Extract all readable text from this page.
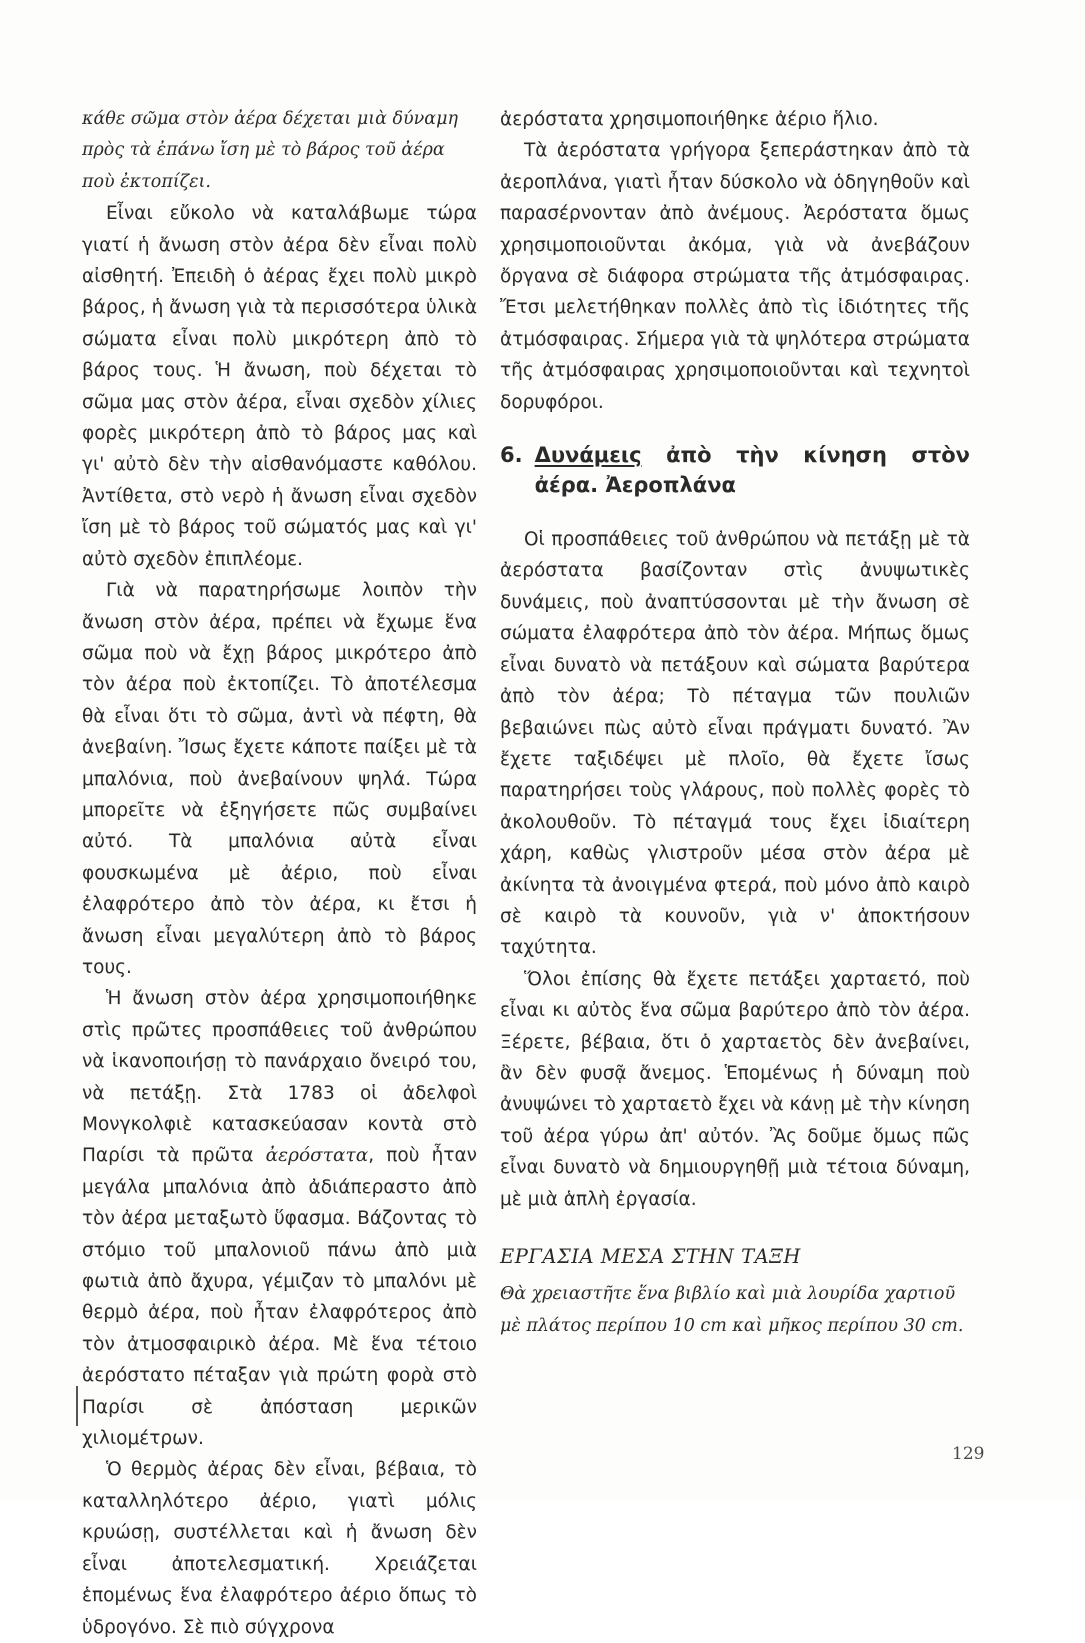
κάθε σῶμα στὸν ἀέρα δέχεται μιὰ δύναμη πρὸς τὰ ἐπάνω ἴση μὲ τὸ βάρος τοῦ ἀέρα ποὺ ἐκτοπίζει.

Εἶναι εὔκολο νὰ καταλάβωμε τώρα γιατί ἡ ἄνωση στὸν ἀέρα δὲν εἶναι πολὺ αἰσθητή. Ἐπειδὴ ὁ ἀέρας ἔχει πολὺ μικρὸ βάρος, ἡ ἄνωση γιὰ τὰ περισσότερα ὑλικὰ σώματα εἶναι πολὺ μικρότερη ἀπὸ τὸ βάρος τους. Ἡ ἄνωση, ποὺ δέχεται τὸ σῶμα μας στὸν ἀέρα, εἶναι σχεδὸν χίλιες φορὲς μικρότερη ἀπὸ τὸ βάρος μας καὶ γι' αὐτὸ δὲν τὴν αἰσθανόμαστε καθόλου. Ἀντίθετα, στὸ νερὸ ἡ ἄνωση εἶναι σχεδὸν ἴση μὲ τὸ βάρος τοῦ σώματός μας καὶ γι' αὐτὸ σχεδὸν ἐπιπλέομε.

Γιὰ νὰ παρατηρήσωμε λοιπὸν τὴν ἄνωση στὸν ἀέρα, πρέπει νὰ ἔχωμε ἕνα σῶμα ποὺ νὰ ἔχῃ βάρος μικρότερο ἀπὸ τὸν ἀέρα ποὺ ἐκτοπίζει. Τὸ ἀποτέλεσμα θὰ εἶναι ὅτι τὸ σῶμα, ἀντὶ νὰ πέφτη, θὰ ἀνεβαίνη. Ἴσως ἔχετε κάποτε παίξει μὲ τὰ μπαλόνια, ποὺ ἀνεβαίνουν ψηλά. Τώρα μπορεῖτε νὰ ἐξηγήσετε πῶς συμβαίνει αὐτό. Τὰ μπαλόνια αὐτὰ εἶναι φουσκωμένα μὲ ἀέριο, ποὺ εἶναι ἐλαφρότερο ἀπὸ τὸν ἀέρα, κι ἔτσι ἡ ἄνωση εἶναι μεγαλύτερη ἀπὸ τὸ βάρος τους.

Ἡ ἄνωση στὸν ἀέρα χρησιμοποιήθηκε στὶς πρῶτες προσπάθειες τοῦ ἀνθρώπου νὰ ἱκανοποιήσῃ τὸ πανάρχαιο ὄνειρό του, νὰ πετάξῃ. Στὰ 1783 οἱ ἀδελφοὶ Μονγκολφιὲ κατασκεύασαν κοντὰ στὸ Παρίσι τὰ πρῶτα ἀερόστατα, ποὺ ἦταν μεγάλα μπαλόνια ἀπὸ ἀδιάπεραστο ἀπὸ τὸν ἀέρα μεταξωτὸ ὕφασμα. Βάζοντας τὸ στόμιο τοῦ μπαλονιοῦ πάνω ἀπὸ μιὰ φωτιὰ ἀπὸ ἄχυρα, γέμιζαν τὸ μπαλόνι μὲ θερμὸ ἀέρα, ποὺ ἦταν ἐλαφρότερος ἀπὸ τὸν ἀτμοσφαιρικὸ ἀέρα. Μὲ ἕνα τέτοιο ἀερόστατο πέταξαν γιὰ πρώτη φορὰ στὸ Παρίσι σὲ ἀπόσταση μερικῶν χιλιομέτρων.

Ὁ θερμὸς ἀέρας δὲν εἶναι, βέβαια, τὸ καταλληλότερο ἀέριο, γιατὶ μόλις κρυώσῃ, συστέλλεται καὶ ἡ ἄνωση δὲν εἶναι ἀποτελεσματική. Χρειάζεται ἑπομένως ἕνα ἐλαφρότερο ἀέριο ὅπως τὸ ὑδρογόνο. Σὲ πιὸ σύγχρονα

ἀερόστατα χρησιμοποιήθηκε ἀέριο ἥλιο.

Τὰ ἀερόστατα γρήγορα ξεπεράστηκαν ἀπὸ τὰ ἀεροπλάνα, γιατὶ ἦταν δύσκολο νὰ ὁδηγηθοῦν καὶ παρασέρνονταν ἀπὸ ἀνέμους. Ἀερόστατα ὅμως χρησιμοποιοῦνται ἀκόμα, γιὰ νὰ ἀνεβάζουν ὄργανα σὲ διάφορα στρώματα τῆς ἀτμόσφαιρας. Ἔτσι μελετήθηκαν πολλὲς ἀπὸ τὶς ἰδιότητες τῆς ἀτμόσφαιρας. Σήμερα γιὰ τὰ ψηλότερα στρώματα τῆς ἀτμόσφαιρας χρησιμοποιοῦνται καὶ τεχνητοὶ δορυφόροι.

6. Δυνάμεις ἀπὸ τὴν κίνηση στὸν ἀέρα. Ἀεροπλάνα

Οἱ προσπάθειες τοῦ ἀνθρώπου νὰ πετάξῃ μὲ τὰ ἀερόστατα βασίζονταν στὶς ἀνυψωτικὲς δυνάμεις, ποὺ ἀναπτύσσονται μὲ τὴν ἄνωση σὲ σώματα ἐλαφρότερα ἀπὸ τὸν ἀέρα. Μήπως ὅμως εἶναι δυνατὸ νὰ πετάξουν καὶ σώματα βαρύτερα ἀπὸ τὸν ἀέρα; Τὸ πέταγμα τῶν πουλιῶν βεβαιώνει πὼς αὐτὸ εἶναι πράγματι δυνατό. Ἂν ἔχετε ταξιδέψει μὲ πλοῖο, θὰ ἔχετε ἴσως παρατηρήσει τοὺς γλάρους, ποὺ πολλὲς φορὲς τὸ ἀκολουθοῦν. Τὸ πέταγμά τους ἔχει ἰδιαίτερη χάρη, καθὼς γλιστροῦν μέσα στὸν ἀέρα μὲ ἀκίνητα τὰ ἀνοιγμένα φτερά, ποὺ μόνο ἀπὸ καιρὸ σὲ καιρὸ τὰ κουνοῦν, γιὰ ν' ἀποκτήσουν ταχύτητα.

Ὅλοι ἐπίσης θὰ ἔχετε πετάξει χαρταετό, ποὺ εἶναι κι αὐτὸς ἕνα σῶμα βαρύτερο ἀπὸ τὸν ἀέρα. Ξέρετε, βέβαια, ὅτι ὁ χαρταετὸς δὲν ἀνεβαίνει, ἂν δὲν φυσᾷ ἄνεμος. Ἑπομένως ἡ δύναμη ποὺ ἀνυψώνει τὸ χαρταετὸ ἔχει νὰ κάνῃ μὲ τὴν κίνηση τοῦ ἀέρα γύρω ἀπ' αὐτόν. Ἂς δοῦμε ὅμως πῶς εἶναι δυνατὸ νὰ δημιουργηθῇ μιὰ τέτοια δύναμη, μὲ μιὰ ἁπλὴ ἐργασία.

ΕΡΓΑΣΙΑ ΜΕΣΑ ΣΤΗΝ ΤΑΞΗ

Θὰ χρειαστῆτε ἕνα βιβλίο καὶ μιὰ λουρίδα χαρτιοῦ μὲ πλάτος περίπου 10 cm καὶ μῆκος περίπου 30 cm.

129
